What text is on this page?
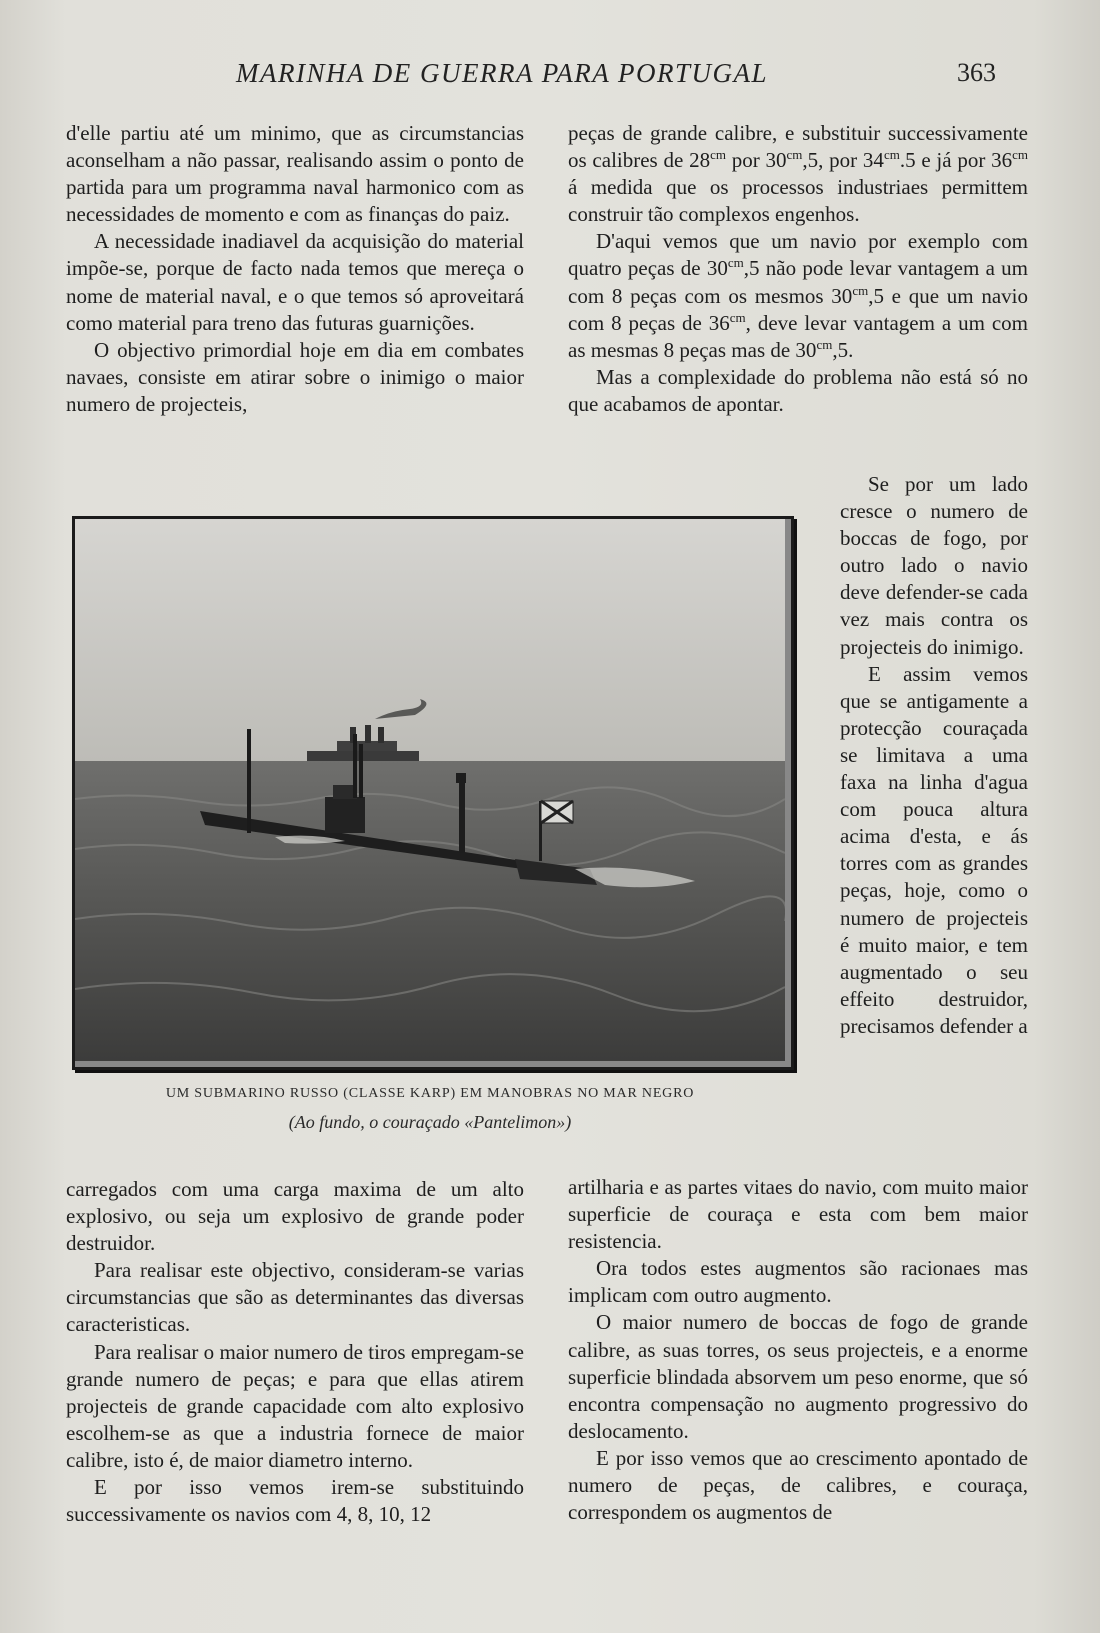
MARINHA DE GUERRA PARA PORTUGAL	363

d'elle partiu até um minimo, que as circumstancias aconselham a não passar, realisando assim o ponto de partida para um programma naval harmonico com as necessidades de momento e com as finanças do paiz.

A necessidade inadiavel da acquisição do material impõe-se, porque de facto nada temos que mereça o nome de material naval, e o que temos só aproveitará como material para treno das futuras guarnições.

O objectivo primordial hoje em dia em combates navaes, consiste em atirar sobre o inimigo o maior numero de projecteis,

peças de grande calibre, e substituir successivamente os calibres de $28^{cm}$ por $30^{cm},5$, por $34^{cm}.5$ e já por $36^{cm}$ á medida que os processos industriaes permittem construir tão complexos engenhos.

D'aqui vemos que um navio por exemplo com quatro peças de $30^{cm},5$ não pode levar vantagem a um com 8 peças com os mesmos $30^{cm},5$ e que um navio com 8 peças de $36^{cm}$, deve levar vantagem a um com as mesmas 8 peças mas de $30^{cm},5$.

Mas a complexidade do problema não está só no que acabamos de apontar.

Se por um lado cresce o numero de boccas de fogo, por outro lado o navio deve defender-se cada vez mais contra os projecteis do inimigo.

E assim vemos que se antigamente a protecção couraçada se limitava a uma faxa na linha d'agua com pouca altura acima d'esta, e ás torres com as grandes peças, hoje, como o numero de projecteis é muito maior, e tem augmentado o seu effeito destruidor, precisamos defender a

UM SUBMARINO RUSSO (CLASSE KARP) EM MANOBRAS NO MAR NEGRO
(Ao fundo, o couraçado «Pantelimon»)

carregados com uma carga maxima de um alto explosivo, ou seja um explosivo de grande poder destruidor.

Para realisar este objectivo, consideram-se varias circumstancias que são as determinantes das diversas caracteristicas.

Para realisar o maior numero de tiros empregam-se grande numero de peças; e para que ellas atirem projecteis de grande capacidade com alto explosivo escolhem-se as que a industria fornece de maior calibre, isto é, de maior diametro interno.

E por isso vemos irem-se substituindo successivamente os navios com 4, 8, 10, 12

artilharia e as partes vitaes do navio, com muito maior superficie de couraça e esta com bem maior resistencia.

Ora todos estes augmentos são racionaes mas implicam com outro augmento.

O maior numero de boccas de fogo de grande calibre, as suas torres, os seus projecteis, e a enorme superficie blindada absorvem um peso enorme, que só encontra compensação no augmento progressivo do deslocamento.

E por isso vemos que ao crescimento apontado de numero de peças, de calibres, e couraça, correspondem os augmentos de
